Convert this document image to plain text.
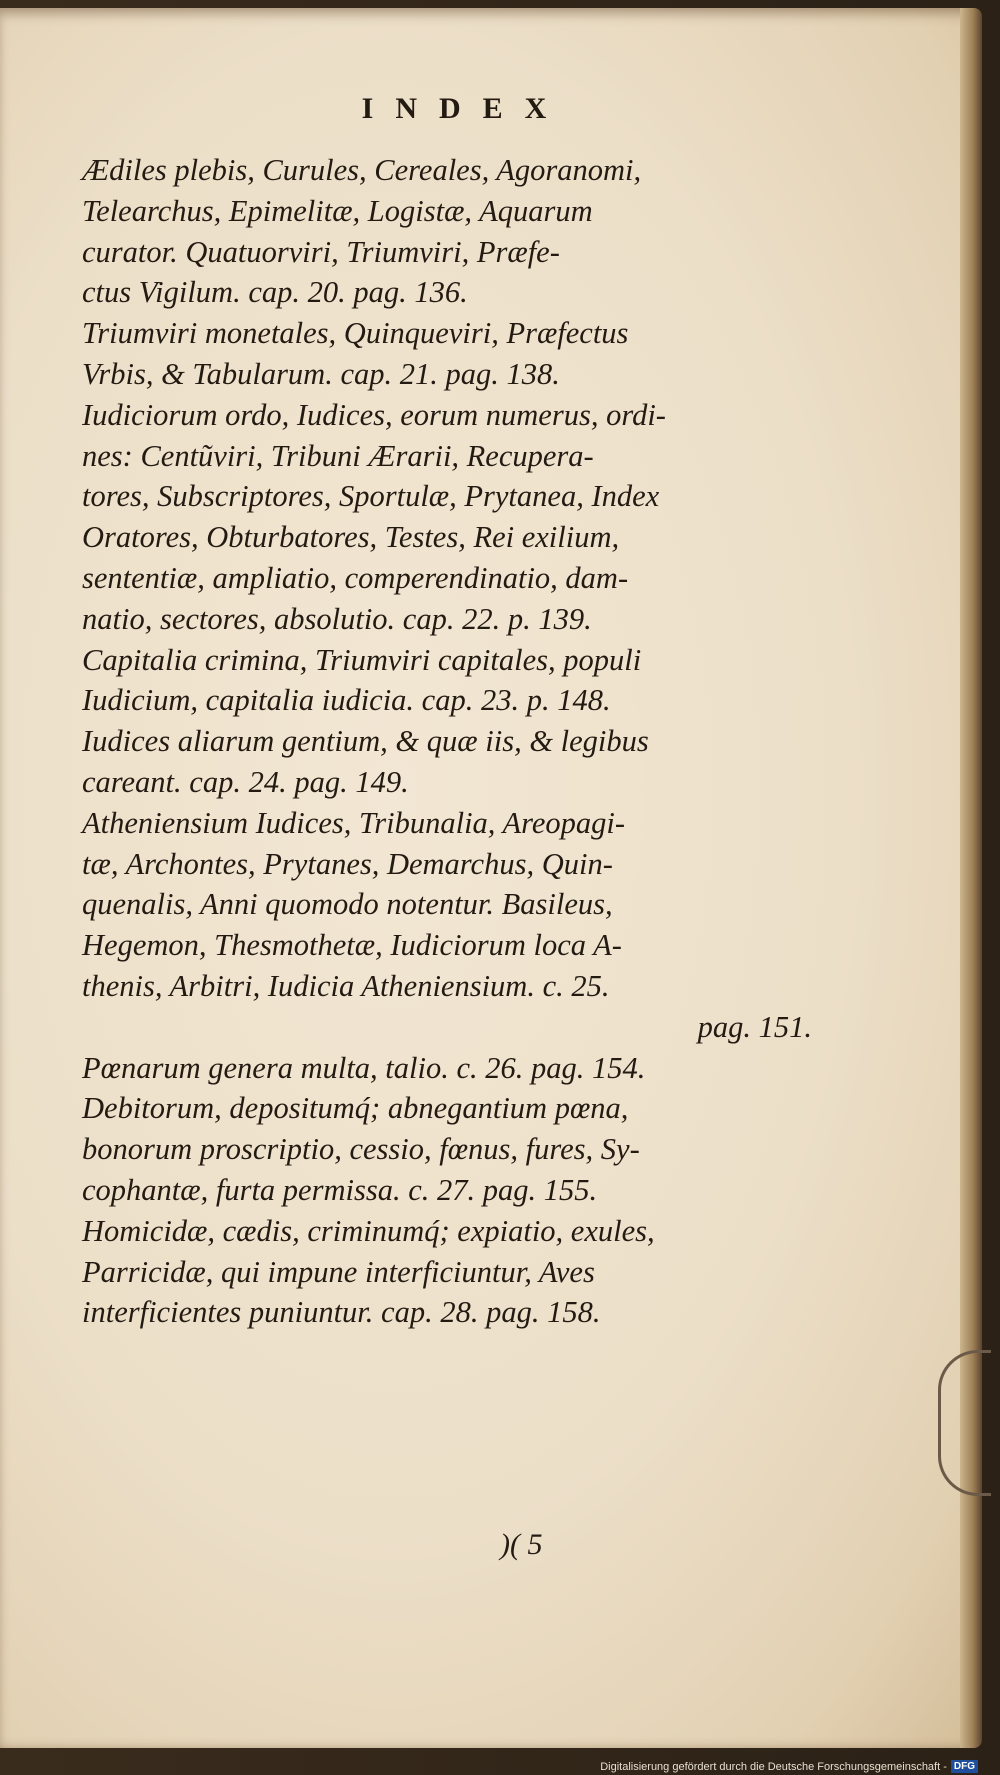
INDEX

Ædiles plebis, Curules, Cereales, Agoranomi,
Telearchus, Epimelitæ, Logistæ, Aquarum
curator. Quatuorviri, Triumviri, Præfe-
ctus Vigilum. cap. 20. pag. 136.

Triumviri monetales, Quinqueviri, Præfectus
Vrbis, & Tabularum. cap. 21. pag. 138.

Iudiciorum ordo, Iudices, eorum numerus, ordi-
nes: Centũviri, Tribuni Ærarii, Recupera-
tores, Subscriptores, Sportulæ, Prytanea, Index
Oratores, Obturbatores, Testes, Rei exilium,
sententiæ, ampliatio, comperendinatio, dam-
natio, sectores, absolutio. cap. 22. p. 139.

Capitalia crimina, Triumviri capitales, populi
Iudicium, capitalia iudicia. cap. 23. p. 148.

Iudices aliarum gentium, & quæ iis, & legibus
careant. cap. 24. pag. 149.

Atheniensium Iudices, Tribunalia, Areopagi-
tæ, Archontes, Prytanes, Demarchus, Quin-
quenalis, Anni quomodo notentur. Basileus,
Hegemon, Thesmothetæ, Iudiciorum loca A-
thenis, Arbitri, Iudicia Atheniensium. c. 25.
pag. 151.

Pœnarum genera multa, talio. c. 26. pag. 154.

Debitorum, depositumq́; abnegantium pœna,
bonorum proscriptio, cessio, fœnus, fures, Sy-
cophantæ, furta permissa. c. 27. pag. 155.

Homicidæ, cædis, criminumq́; expiatio, exules,
Parricidæ, qui impune interficiuntur, Aves
interficientes puniuntur. cap. 28. pag. 158.

)( 5
Digitalisierung gefördert durch die Deutsche Forschungsgemeinschaft - DFG
